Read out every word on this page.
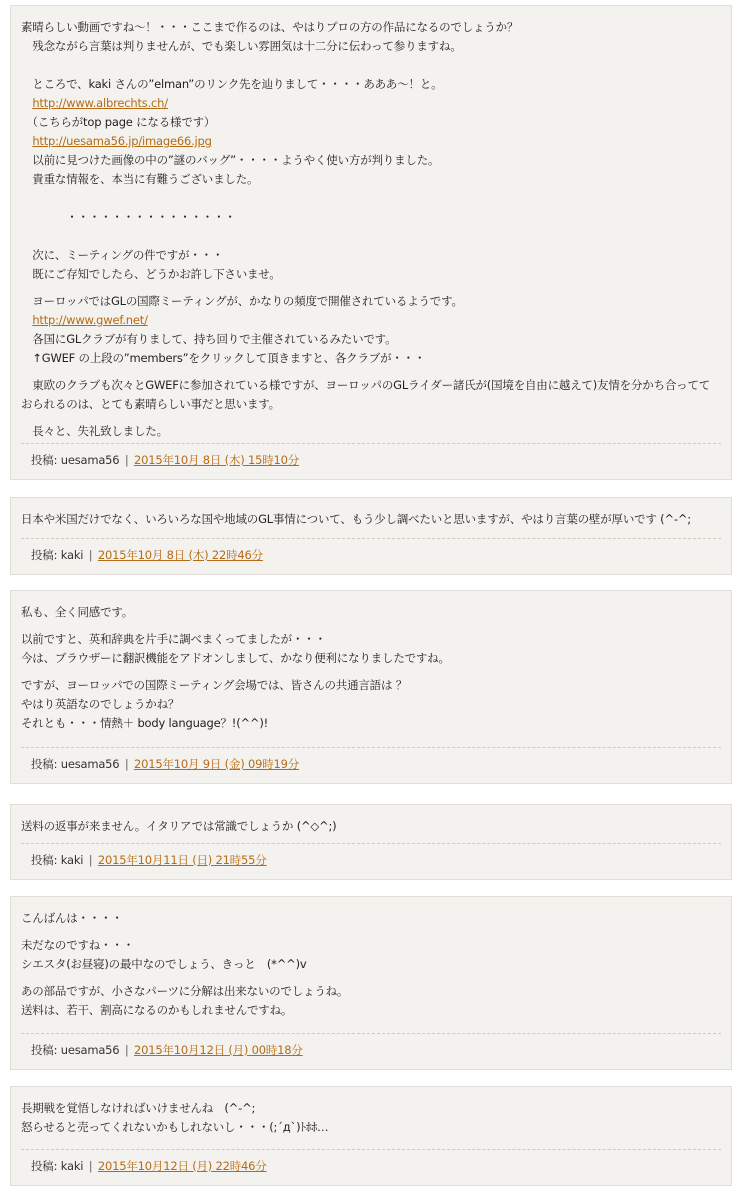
素晴らしい動画ですね～！・・・ここまで作るのは、やはりプロの方の作品になるのでしょうか？
　残念ながら言葉は判りませんが、でも楽しい雰囲気は十二分に伝わって参りますね。
　ところで、kaki さんの”elman”のリンク先を辿りまして・・・・あああ～！と。
　http://www.albrechts.ch/
　（こちらがtop page になる様です）
　http://uesama56.jp/image66.jpg
　以前に見つけた画像の中の”謎のバッグ”・・・・ようやく使い方が判りました。
　貴重な情報を、本当に有難うございました。
　　　　・・・・・・・・・・・・・・・
　次に、ミーティングの件ですが・・・
　既にご存知でしたら、どうかお許し下さいませ。
　ヨーロッパではGLの国際ミーティングが、かなりの頻度で開催されているようです。
　http://www.gwef.net/
　各国にGLクラブが有りまして、持ち回りで主催されているみたいです。
　↑GWEF の上段の”members”をクリックして頂きますと、各クラブが・・・
　東欧のクラブも次々とGWEFに参加されている様ですが、ヨーロッパのGLライダー諸氏が(国境を自由に越えて)友情を分かち合ってておられるのは、とても素晴らしい事だと思います。
　長々と、失礼致しました。
投稿: uesama56 | 2015年10月 8日 (木) 15時10分
日本や米国だけでなく、いろいろな国や地域のGL事情について、もう少し調べたいと思いますが、やはり言葉の壁が厚いです (^-^;
投稿: kaki | 2015年10月 8日 (木) 22時46分
私も、全く同感です。
以前ですと、英和辞典を片手に調べまくってましたが・・・
今は、ブラウザーに翻訳機能をアドオンしまして、かなり便利になりましたですね。
ですが、ヨーロッパでの国際ミーティング会場では、皆さんの共通言語は ？
やはり英語なのでしょうかね？
それとも・・・情熱＋ body language？!(^^)!
投稿: uesama56 | 2015年10月 9日 (金) 09時19分
送料の返事が来ません。イタリアでは常識でしょうか (^◇^;)
投稿: kaki | 2015年10月11日 (日) 21時55分
こんばんは・・・・
未だなのですね・・・
シエスタ(お昼寝)の最中なのでしょう、きっと　(*^^)v
あの部品ですが、小さなパーツに分解は出来ないのでしょうね。
送料は、若干、割高になるのかもしれませんですね。
投稿: uesama56 | 2015年10月12日 (月) 00時18分
長期戦を覚悟しなければいけませんね　(^-^;
怒らせると売ってくれないかもしれないし・・・(;´д`)ﾄﾎﾎ…
投稿: kaki | 2015年10月12日 (月) 22時46分
